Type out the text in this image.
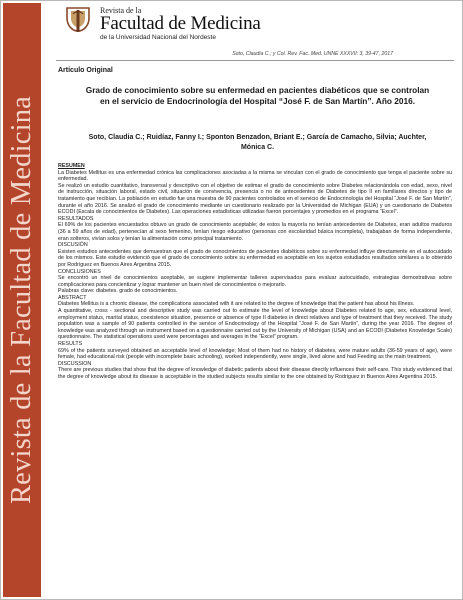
Revista de la Facultad de Medicina
Revista de la
Facultad de Medicina
de la Universidad Nacional del Nordeste
Soto, Claudia C.; y Col. Rev. Fac. Med. UNNE XXXVII: 3, 39-47, 2017
Artículo Original
Grado de conocimiento sobre su enfermedad en pacientes diabéticos que se controlan en el servicio de Endocrinología del Hospital “José F. de San Martín”. Año 2016.
Soto, Claudia C.; Ruidíaz, Fanny I.; Sponton Benzadon, Briant E.; García de Camacho, Silvia; Auchter, Mónica C.

RESUMEN

La Diabetes Mellitus es una enfermedad crónica las complicaciones asociadas a la misma se vinculan con el grado de conocimiento que tenga el paciente sobre su enfermedad.

Se realizó un estudio cuantitativo, transversal y descriptivo con el objetivo de estimar el grado de conocimiento sobre Diabetes relacionándola con edad, sexo, nivel de instrucción, situación laboral, estado civil, situación de convivencia, presencia o no de antecedentes de Diabetes de tipo II en familiares directos y tipo de tratamiento que recibían. La población en estudio fue una muestra de 90 pacientes controlados en el servicio de Endocrinología del Hospital “José F. de San Martín”, durante el año 2016. Se analizó el grado de conocimiento mediante un cuestionario realizado por la Universidad de Michigan (EUA) y un cuestionario de Diabetes ECODI (Escala de conocimientos de Diabetes). Las operaciones estadísticas utilizadas fueron porcentajes y promedios en el programa “Excel”.

RESULTADOS

El 69% de los pacientes encuestados obtuvo un grado de conocimiento aceptable; de estos la mayoría no tenían antecedentes de Diabetes, eran adultos maduros (36 a 59 años de edad), pertenecían al sexo femenino, tenían riesgo educativo (personas con escolaridad básica incompleta), trabajaban de forma independiente, eran solteros, vivían solos y tenían la alimentación como principal tratamiento.

DISCUSIÓN

Existen estudios antecedentes que demuestran que el grado de conocimientos de pacientes diabéticos sobre su enfermedad influye directamente en el autocuidado de los mismos. Este estudio evidenció que el grado de conocimiento sobre su enfermedad es aceptable en los sujetos estudiados resultados similares a lo obtenido por Rodríguez en Buenos Aires Argentina 2015.

CONCLUSIONES

Se encontró un nivel de conocimientos aceptable, se sugiere implementar talleres supervisados para evaluar autocuidado, estrategias demostrativas sobre complicaciones para concientizar y lograr mantener un buen nivel de conocimientos o mejorarlo.

Palabras clave: diabetes. grado de conocimientos.

ABSTRACT

Diabetes Mellitus is a chronic disease, the complications associated with it are related to the degree of knowledge that the patient has about his illness.

A quantitative, cross - sectional and descriptive study was carried out to estimate the level of knowledge about Diabetes related to age, sex, educational level, employment status, marital status, coexistence situation, presence or absence of type II diabetes in direct relatives and type of treatment that they received. The study population was a sample of 90 patients controlled in the service of Endocrinology of the Hospital “José F. de San Martín”, during the year 2016. The degree of knowledge was analyzed through an instrument based on a questionnaire carried out by the University of Michigan (USA) and an ECODI (Diabetes Knowledge Scale) questionnaire. The statistical operations used were percentages and averages in the “Excel” program.

RESULTS

69% of the patients surveyed obtained an acceptable level of knowledge; Most of them had no history of diabetes, were mature adults (36-59 years of age), were female, had educational risk (people with incomplete basic schooling), worked independently, were single, lived alone and had Feeding as the main treatment.

DISCUSSION

There are previous studies that show that the degree of knowledge of diabetic patients about their disease directly influences their self-care. This study evidenced that the degree of knowledge about its disease is acceptable in the studied subjects results similar to the one obtained by Rodriguez in Buenos Aires Argentina 2015.
